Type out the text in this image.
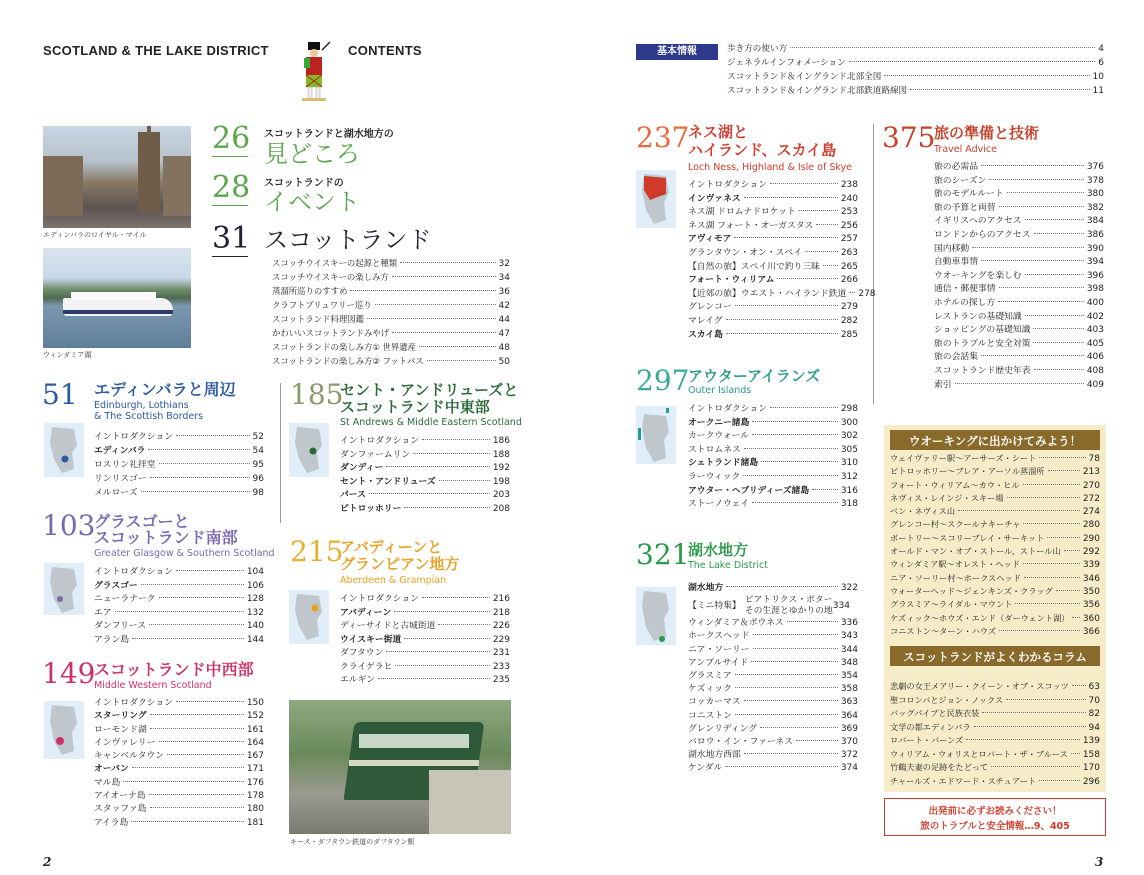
SCOTLAND & THE LAKE DISTRICT	CONTENTS
エディンバラのロイヤル・マイル
ウィンダミア湖
26 スコットランドと湖水地方の
見どころ
28 スコットランドの
イベント
31 スコットランド
スコッチウイスキーの起源と種類	32
スコッチウイスキーの楽しみ方	34
蒸溜所巡りのすすめ	36
クラフトブリュワリー巡り	42
スコットランド料理図鑑	44
かわいいスコットランドみやげ	47
スコットランドの楽しみ方① 世界遺産	48
スコットランドの楽しみ方② フットパス	50
51 エディンバラと周辺
Edinburgh, Lothians
& The Scottish Borders
イントロダクション	52
エディンバラ	54
ロスリン礼拝堂	95
リンリスゴー	96
メルローズ	98
103
グラスゴーと
スコットランド南部
Greater Glasgow & Southern Scotland
イントロダクション	104
グラスゴー	106
ニューラナーク	128
エア	132
ダンフリース	140
アラン島	144
149
スコットランド中西部
Middle Western Scotland
イントロダクション	150
スターリング	152
ローモンド湖	161
インヴァレリー	164
キャンベルタウン	167
オーバン	171
マル島	176
アイオーナ島	178
スタッファ島	180
アイラ島	181
185
セント・アンドリューズと
スコットランド中東部
St Andrews & Middle Eastern Scotland
イントロダクション	186
ダンファームリン	188
ダンディー	192
セント・アンドリューズ	198
パース	203
ピトロッホリー	208
215
アバディーンと
グランピアン地方
Aberdeen & Grampian
イントロダクション	216
アバディーン	218
ディーサイドと古城街道	226
ウイスキー街道	229
ダフタウン	231
クライゲラヒ	233
エルギン	235
キース・ダフタウン鉄道のダフタウン駅
2
基本情報	歩き方の使い方	4
ジェネラルインフォメーション	6
スコットランド＆イングランド北部全図	10
スコットランド＆イングランド北部鉄道路線図	11
237
ネス湖と
ハイランド、スカイ島
Loch Ness, Highland & Isle of Skye
イントロダクション	238
インヴァネス	240
ネス湖 ドロムナドロケット	253
ネス湖 フォート・オーガスタス	256
アヴィモア	257
グランタウン・オン・スペイ	263
【自然の旅】スペイ川で釣り三昧 265
フォート・ウィリアム	266
【近郊の旅】ウエスト・ハイランド鉄道 278
グレンコー	279
マレイグ	282
スカイ島	285
297
アウターアイランズ
Outer Islands
イントロダクション	298
オークニー諸島	300
カークウォール	302
ストロムネス	305
シェトランド諸島	310
ラーウィック	312
アウター・ヘブリディーズ諸島	316
ストーノウェイ	318
321
湖水地方
The Lake District
湖水地方	322
【ミニ特集】
ピアトリクス・ポター
その生涯とゆかりの地
334
ウィンダミア＆ボウネス	336
ホークスヘッド	343
ニア・ソーリー	344
アンブルサイド	348
グラスミア	354
ケズィック	358
コッカーマス	363
コニストン	364
グレンリディング	369
バロウ・イン・ファーネス	370
湖水地方西部	372
ケンダル	374
375
旅の準備と技術
Travel Advice
旅の必需品	376
旅のシーズン	378
旅のモデルルート	380
旅の予算と両替	382
イギリスへのアクセス	384
ロンドンからのアクセス	386
国内移動	390
自動車事情	394
ウオーキングを楽しむ	396
通信・郵便事情	398
ホテルの探し方	400
レストランの基礎知識	402
ショッピングの基礎知識	403
旅のトラブルと安全対策	405
旅の会話集	406
スコットランド歴史年表	408
索引	409
ウオーキングに出かけてみよう！
ウェイヴァリー駅〜アーサーズ・シート	78
ピトロッホリー〜ブレア・アーソル蒸溜所	213
フォート・ウィリアム〜カウ・ヒル	270
ネヴィス・レインジ・スキー場	272
ベン・ネヴィス山	274
グレンコー村〜スクールナキーチャ	280
ボートリー〜スコリーブレイ・サーキット	290
オールド・マン・オブ・ストール、ストール山 292
ウィンダミア駅〜オレスト・ヘッド	339
ニア・ソーリー村〜ホークスヘッド	346
ウォーターヘッド〜ジェンキンズ・クラッグ	350
グラスミア〜ライダル・マウント	356
ケズィック〜ホウズ・エンド（ダーウェント湖） 360
コニストン〜ターン・ハウズ	366
スコットランドがよくわかるコラム
悲劇の女王メアリー・クイーン・オブ・スコッツ 63
聖コロンバとジョン・ノックス	70
バッグパイプと民族衣装	82
文学の都エディンバラ	94
ロバート・バーンズ	139
ウィリアム・ウォリスとロバート・ザ・ブルース 158
竹鶴夫妻の足跡をたどって	170
チャールズ・エドワード・スチュアート	296
出発前に必ずお読みください！
旅のトラブルと安全情報…9、405
3
